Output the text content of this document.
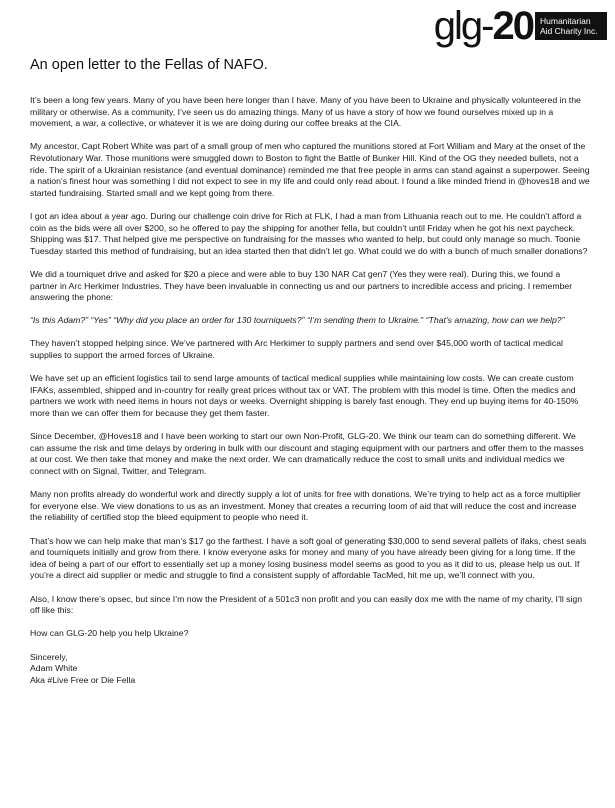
glg- 20 Humanitarian
Aid Charity Inc.
An open letter to the Fellas of NAFO.

It’s been a long few years. Many of you have been here longer than I have. Many of you have been to Ukraine and physically volunteered in the military or otherwise. As a community, I’ve seen us do amazing things. Many of us have a story of how we found ourselves mixed up in a movement, a war, a collective, or whatever it is we are doing during our coffee breaks at the CIA.

My ancestor, Capt Robert White was part of a small group of men who captured the munitions stored at Fort William and Mary at the onset of the Revolutionary War. Those munitions were smuggled down to Boston to fight the Battle of Bunker Hill. Kind of the OG they needed bullets, not a ride. The spirit of a Ukrainian resistance (and eventual dominance) reminded me that free people in arms can stand against a superpower. Seeing a nation’s finest hour was something I did not expect to see in my life and could only read about. I found a like minded friend in @hoves18 and we started fundraising. Started small and we kept going from there.

I got an idea about a year ago. During our challenge coin drive for Rich at FLK, I had a man from Lithuania reach out to me. He couldn’t afford a coin as the bids were all over $200, so he offered to pay the shipping for another fella, but couldn’t until Friday when he got his next paycheck. Shipping was $17. That helped give me perspective on fundraising for the masses who wanted to help, but could only manage so much. Toonie Tuesday started this method of fundraising, but an idea started then that didn’t let go. What could we do with a bunch of much smaller donations?

We did a tourniquet drive and asked for $20 a piece and were able to buy 130 NAR Cat gen7 (Yes they were real). During this, we found a partner in Arc Herkimer Industries. They have been invaluable in connecting us and our partners to incredible access and pricing. I remember answering the phone:

“Is this Adam?” “Yes” “Why did you place an order for 130 tourniquets?” “I’m sending them to Ukraine.” “That’s amazing, how can we help?”

They haven’t stopped helping since. We’ve partnered with Arc Herkimer to supply partners and send over $45,000 worth of tactical medical supplies to support the armed forces of Ukraine.

We have set up an efficient logistics tail to send large amounts of tactical medical supplies while maintaining low costs. We can create custom IFAKs, assembled, shipped and in-country for really great prices without tax or VAT. The problem with this model is time. Often the medics and partners we work with need items in hours not days or weeks. Overnight shipping is barely fast enough. They end up buying items for 40-150% more than we can offer them for because they get them faster.

Since December, @Hoves18 and I have been working to start our own Non-Profit, GLG-20. We think our team can do something different. We can assume the risk and time delays by ordering in bulk with our discount and staging equipment with our partners and offer them to the masses at our cost. We then take that money and make the next order. We can dramatically reduce the cost to small units and individual medics we connect with on Signal, Twitter, and Telegram.

Many non profits already do wonderful work and directly supply a lot of units for free with donations. We’re trying to help act as a force multiplier for everyone else. We view donations to us as an investment. Money that creates a recurring loom of aid that will reduce the cost and increase the reliability of certified stop the bleed equipment to people who need it.

That’s how we can help make that man’s $17 go the farthest. I have a soft goal of generating $30,000 to send several pallets of ifaks, chest seals and tourniquets initially and grow from there. I know everyone asks for money and many of you have already been giving for a long time. If the idea of being a part of our effort to essentially set up a money losing business model seems as good to you as it did to us, please help us out. If you’re a direct aid supplier or medic and struggle to find a consistent supply of affordable TacMed, hit me up, we’ll connect with you.

Also, I know there’s opsec, but since I’m now the President of a 501c3 non profit and you can easily dox me with the name of my charity, I’ll sign off like this:

How can GLG-20 help you help Ukraine?

Sincerely,

Adam White

Aka #Live Free or Die Fella
